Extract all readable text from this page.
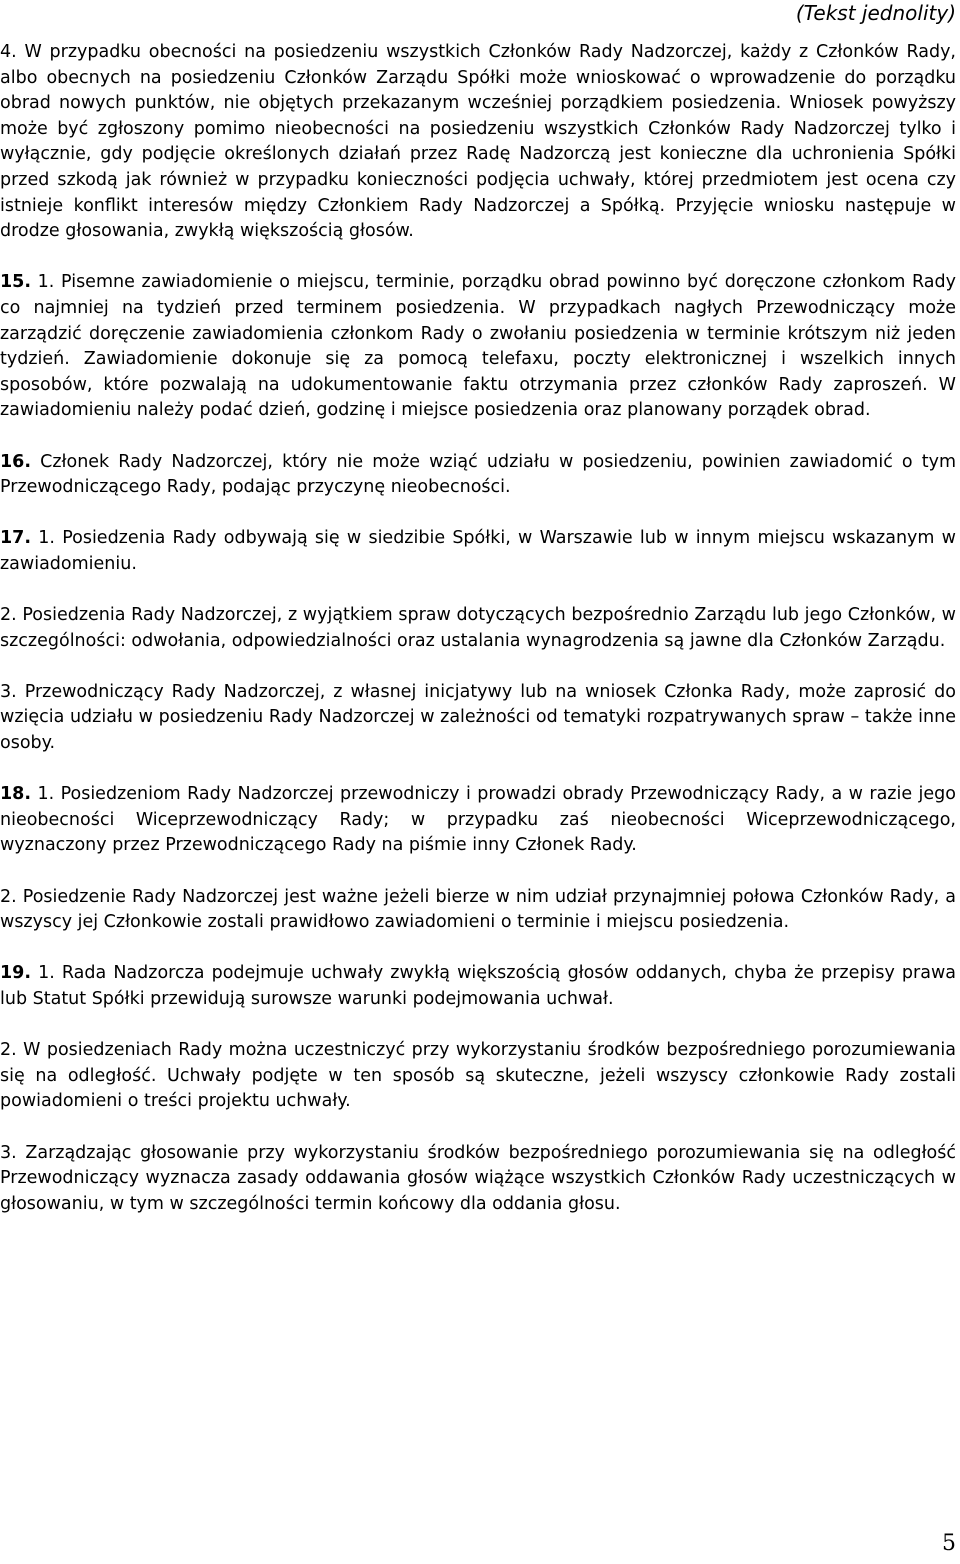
(Tekst jednolity)

4. W przypadku obecności na posiedzeniu wszystkich Członków Rady Nadzorczej, każdy z Członków Rady, albo obecnych na posiedzeniu Członków Zarządu Spółki może wnioskować o wprowadzenie do porządku obrad nowych punktów, nie objętych przekazanym wcześniej porządkiem posiedzenia. Wniosek powyższy może być zgłoszony pomimo nieobecności na posiedzeniu wszystkich Członków Rady Nadzorczej tylko i wyłącznie, gdy podjęcie określonych działań przez Radę Nadzorczą jest konieczne dla uchronienia Spółki przed szkodą jak również w przypadku konieczności podjęcia uchwały, której przedmiotem jest ocena czy istnieje konflikt interesów między Członkiem Rady Nadzorczej a Spółką. Przyjęcie wniosku następuje w drodze głosowania, zwykłą większością głosów.

15. 1. Pisemne zawiadomienie o miejscu, terminie, porządku obrad powinno być doręczone członkom Rady co najmniej na tydzień przed terminem posiedzenia. W przypadkach nagłych Przewodniczący może zarządzić doręczenie zawiadomienia członkom Rady o zwołaniu posiedzenia w terminie krótszym niż jeden tydzień. Zawiadomienie dokonuje się za pomocą telefaxu, poczty elektronicznej i wszelkich innych sposobów, które pozwalają na udokumentowanie faktu otrzymania przez członków Rady zaproszeń. W zawiadomieniu należy podać dzień, godzinę i miejsce posiedzenia oraz planowany porządek obrad.

16. Członek Rady Nadzorczej, który nie może wziąć udziału w posiedzeniu, powinien zawiadomić o tym Przewodniczącego Rady, podając przyczynę nieobecności.

17. 1. Posiedzenia Rady odbywają się w siedzibie Spółki, w Warszawie lub w innym miejscu wskazanym w zawiadomieniu.

2. Posiedzenia Rady Nadzorczej, z wyjątkiem spraw dotyczących bezpośrednio Zarządu lub jego Członków, w szczególności: odwołania, odpowiedzialności oraz ustalania wynagrodzenia są jawne dla Członków Zarządu.

3. Przewodniczący Rady Nadzorczej, z własnej inicjatywy lub na wniosek Członka Rady, może zaprosić do wzięcia udziału w posiedzeniu Rady Nadzorczej w zależności od tematyki rozpatrywanych spraw – także inne osoby.

18. 1. Posiedzeniom Rady Nadzorczej przewodniczy i prowadzi obrady Przewodniczący Rady, a w razie jego nieobecności Wiceprzewodniczący Rady; w przypadku zaś nieobecności Wiceprzewodniczącego, wyznaczony przez Przewodniczącego Rady na piśmie inny Członek Rady.

2. Posiedzenie Rady Nadzorczej jest ważne jeżeli bierze w nim udział przynajmniej połowa Członków Rady, a wszyscy jej Członkowie zostali prawidłowo zawiadomieni o terminie i miejscu posiedzenia.

19. 1. Rada Nadzorcza podejmuje uchwały zwykłą większością głosów oddanych, chyba że przepisy prawa lub Statut Spółki przewidują surowsze warunki podejmowania uchwał.

2. W posiedzeniach Rady można uczestniczyć przy wykorzystaniu środków bezpośredniego porozumiewania się na odległość. Uchwały podjęte w ten sposób są skuteczne, jeżeli wszyscy członkowie Rady zostali powiadomieni o treści projektu uchwały.

3. Zarządzając głosowanie przy wykorzystaniu środków bezpośredniego porozumiewania się na odległość Przewodniczący wyznacza zasady oddawania głosów wiążące wszystkich Członków Rady uczestniczących w głosowaniu, w tym w szczególności termin końcowy dla oddania głosu.

5
